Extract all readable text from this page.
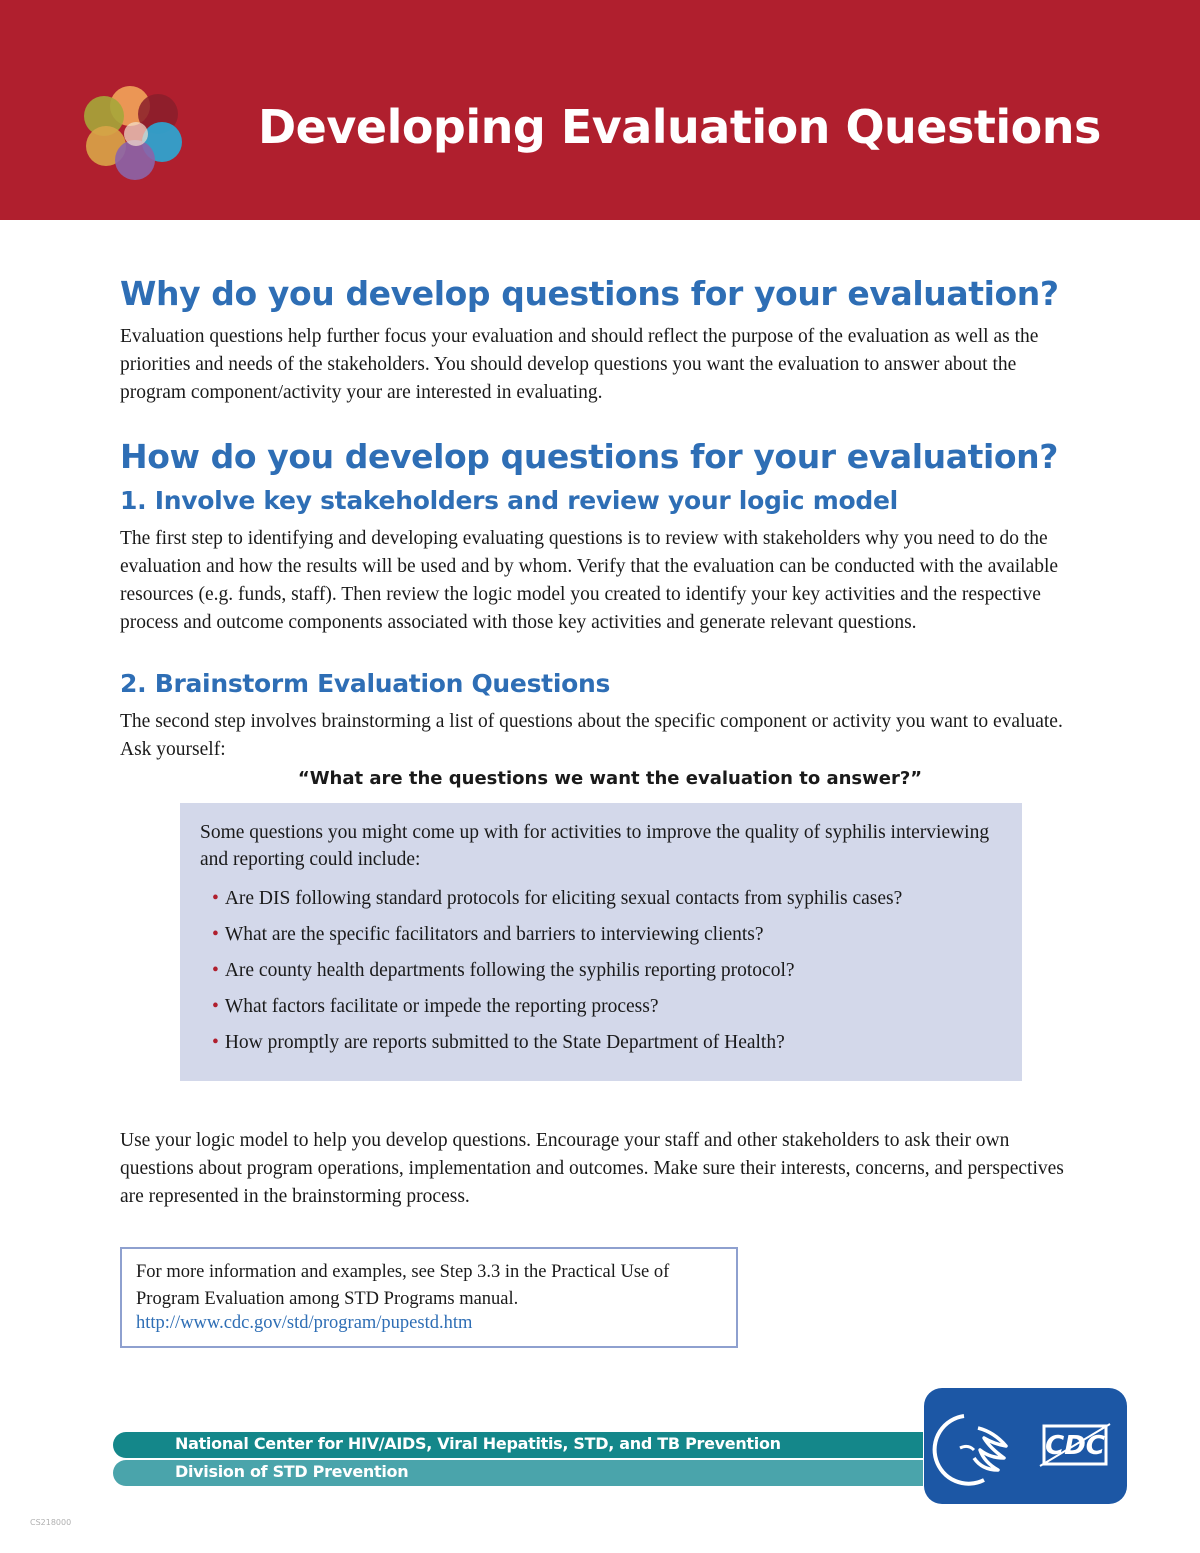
Developing Evaluation Questions
Why do you develop questions for your evaluation?

Evaluation questions help further focus your evaluation and should reflect the purpose of the evaluation as well as the priorities and needs of the stakeholders. You should develop questions you want the evaluation to answer about the program component/activity your are interested in evaluating.

How do you develop questions for your evaluation?
1. Involve key stakeholders and review your logic model

The first step to identifying and developing evaluating questions is to review with stakeholders why you need to do the evaluation and how the results will be used and by whom. Verify that the evaluation can be conducted with the available resources (e.g. funds, staff). Then review the logic model you created to identify your key activities and the respective process and outcome components associated with those key activities and generate relevant questions.

2. Brainstorm Evaluation Questions

The second step involves brainstorming a list of questions about the specific component or activity you want to evaluate. Ask yourself:

“What are the questions we want the evaluation to answer?”

Some questions you might come up with for activities to improve the quality of syphilis interviewing and reporting could include:

• Are DIS following standard protocols for eliciting sexual contacts from syphilis cases?
• What are the specific facilitators and barriers to interviewing clients?
• Are county health departments following the syphilis reporting protocol?
• What factors facilitate or impede the reporting process?
• How promptly are reports submitted to the State Department of Health?

Use your logic model to help you develop questions. Encourage your staff and other stakeholders to ask their own questions about program operations, implementation and outcomes. Make sure their interests, concerns, and perspectives are represented in the brainstorming process.

For more information and examples, see Step 3.3 in the Practical Use of Program Evaluation among STD Programs manual.

http://www.cdc.gov/std/program/pupestd.htm
National Center for HIV/AIDS, Viral Hepatitis, STD, and TB Prevention
Division of STD Prevention
CDC
CS218000
